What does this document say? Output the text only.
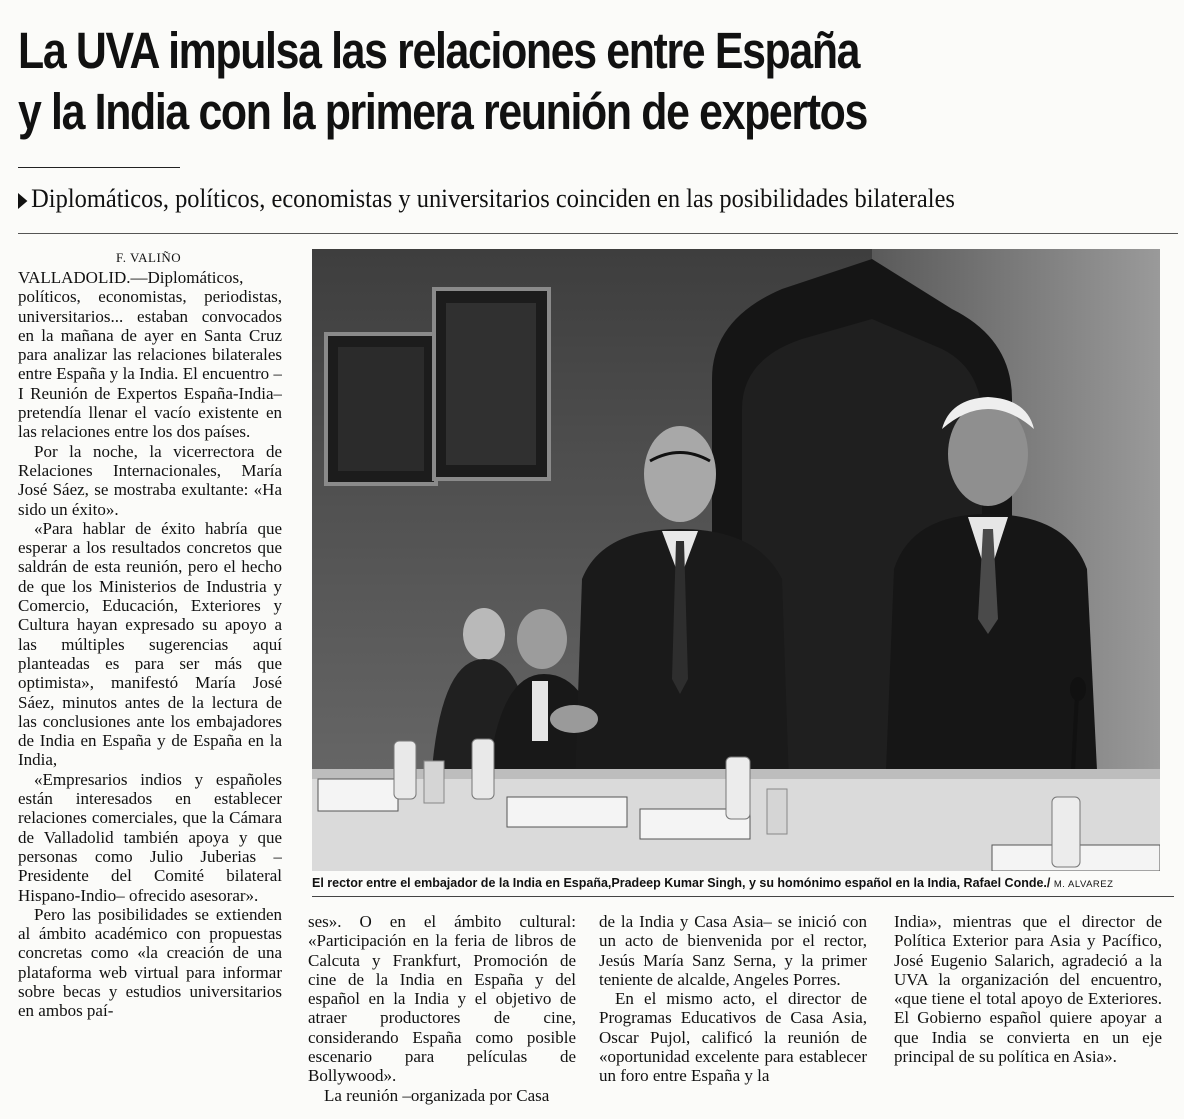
La UVA impulsa las relaciones entre España
y la India con la primera reunión de expertos
Diplomáticos, políticos, economistas y universitarios coinciden en las posibilidades bilaterales
F. VALIÑO

VALLADOLID.—Diplomáticos, políticos, economistas, periodistas, universitarios... estaban convocados en la mañana de ayer en Santa Cruz para analizar las relaciones bilaterales entre España y la India. El encuentro –I Reunión de Expertos España-India– pretendía llenar el vacío existente en las relaciones entre los dos países.

Por la noche, la vicerrectora de Relaciones Internacionales, María José Sáez, se mostraba exultante: «Ha sido un éxito».

«Para hablar de éxito habría que esperar a los resultados concretos que saldrán de esta reunión, pero el hecho de que los Ministerios de Industria y Comercio, Educación, Exteriores y Cultura hayan expresado su apoyo a las múltiples sugerencias aquí planteadas es para ser más que optimista», manifestó María José Sáez, minutos antes de la lectura de las conclusiones ante los embajadores de India en España y de España en la India,

«Empresarios indios y españoles están interesados en establecer relaciones comerciales, que la Cámara de Valladolid también apoya y que personas como Julio Juberias –Presidente del Comité bilateral Hispano-Indio– ofrecido asesorar».

Pero las posibilidades se extienden al ámbito académico con propuestas concretas como «la creación de una plataforma web virtual para informar sobre becas y estudios universitarios en ambos paí-

El rector entre el embajador de la India en España,Pradeep Kumar Singh, y su homónimo español en la India, Rafael Conde./ M. ALVAREZ

ses». O en el ámbito cultural: «Participación en la feria de libros de Calcuta y Frankfurt, Promoción de cine de la India en España y del español en la India y el objetivo de atraer productores de cine, considerando España como posible escenario para películas de Bollywood».

La reunión –organizada por Casa

de la India y Casa Asia– se inició con un acto de bienvenida por el rector, Jesús María Sanz Serna, y la primer teniente de alcalde, Angeles Porres.

En el mismo acto, el director de Programas Educativos de Casa Asia, Oscar Pujol, calificó la reunión de «oportunidad excelente para establecer un foro entre España y la

India», mientras que el director de Política Exterior para Asia y Pacífico, José Eugenio Salarich, agradeció a la UVA la organización del encuentro, «que tiene el total apoyo de Exteriores. El Gobierno español quiere apoyar a que India se convierta en un eje principal de su política en Asia».
